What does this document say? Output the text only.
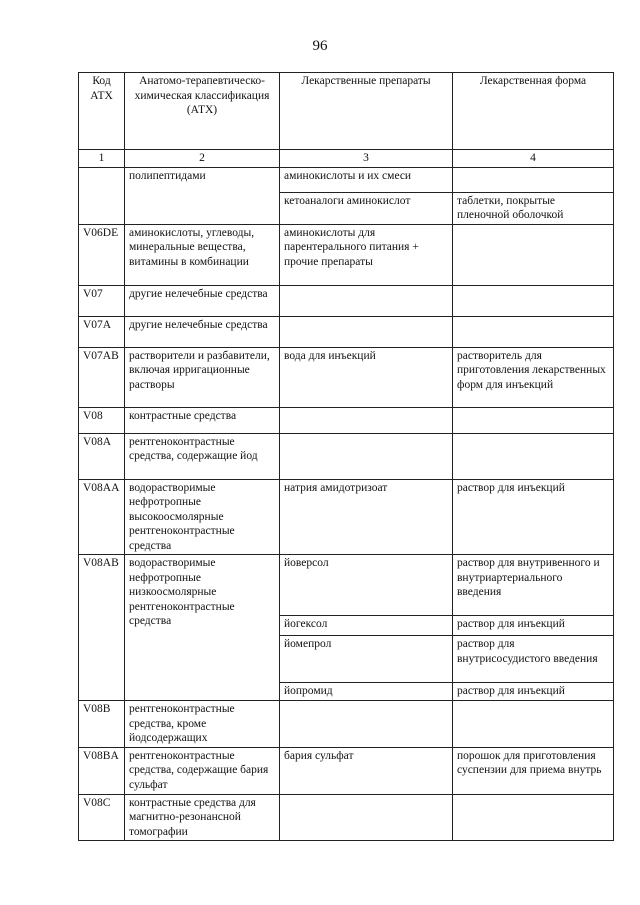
96
Код АТХ	Анатомо-терапевтическо-химическая классификация (АТХ)	Лекарственные препараты	Лекарственная форма
1	2	3	4
	полипептидами	аминокислоты и их смеси	
		кетоаналоги аминокислот	таблетки, покрытые пленочной оболочкой
V06DE	аминокислоты, углеводы, минеральные вещества, витамины в комбинации	аминокислоты для парентерального питания + прочие препараты	
V07	другие нелечебные средства		
V07A	другие нелечебные средства		
V07AB	растворители и разбавители, включая ирригационные растворы	вода для инъекций	растворитель для приготовления лекарственных форм для инъекций
V08	контрастные средства		
V08A	рентгеноконтрастные средства, содержащие йод		
V08AA	водорастворимые нефротропные высокоосмолярные рентгеноконтрастные средства	натрия амидотризоат	раствор для инъекций
V08AB	водорастворимые нефротропные низкоосмолярные рентгеноконтрастные средства	йоверсол	раствор для внутривенного и внутриартериального введения
		йогексол	раствор для инъекций
		йомепрол	раствор для внутрисосудистого введения
		йопромид	раствор для инъекций
V08B	рентгеноконтрастные средства, кроме йодсодержащих		
V08BA	рентгеноконтрастные средства, содержащие бария сульфат	бария сульфат	порошок для приготовления суспензии для приема внутрь
V08C	контрастные средства для магнитно-резонансной томографии		
